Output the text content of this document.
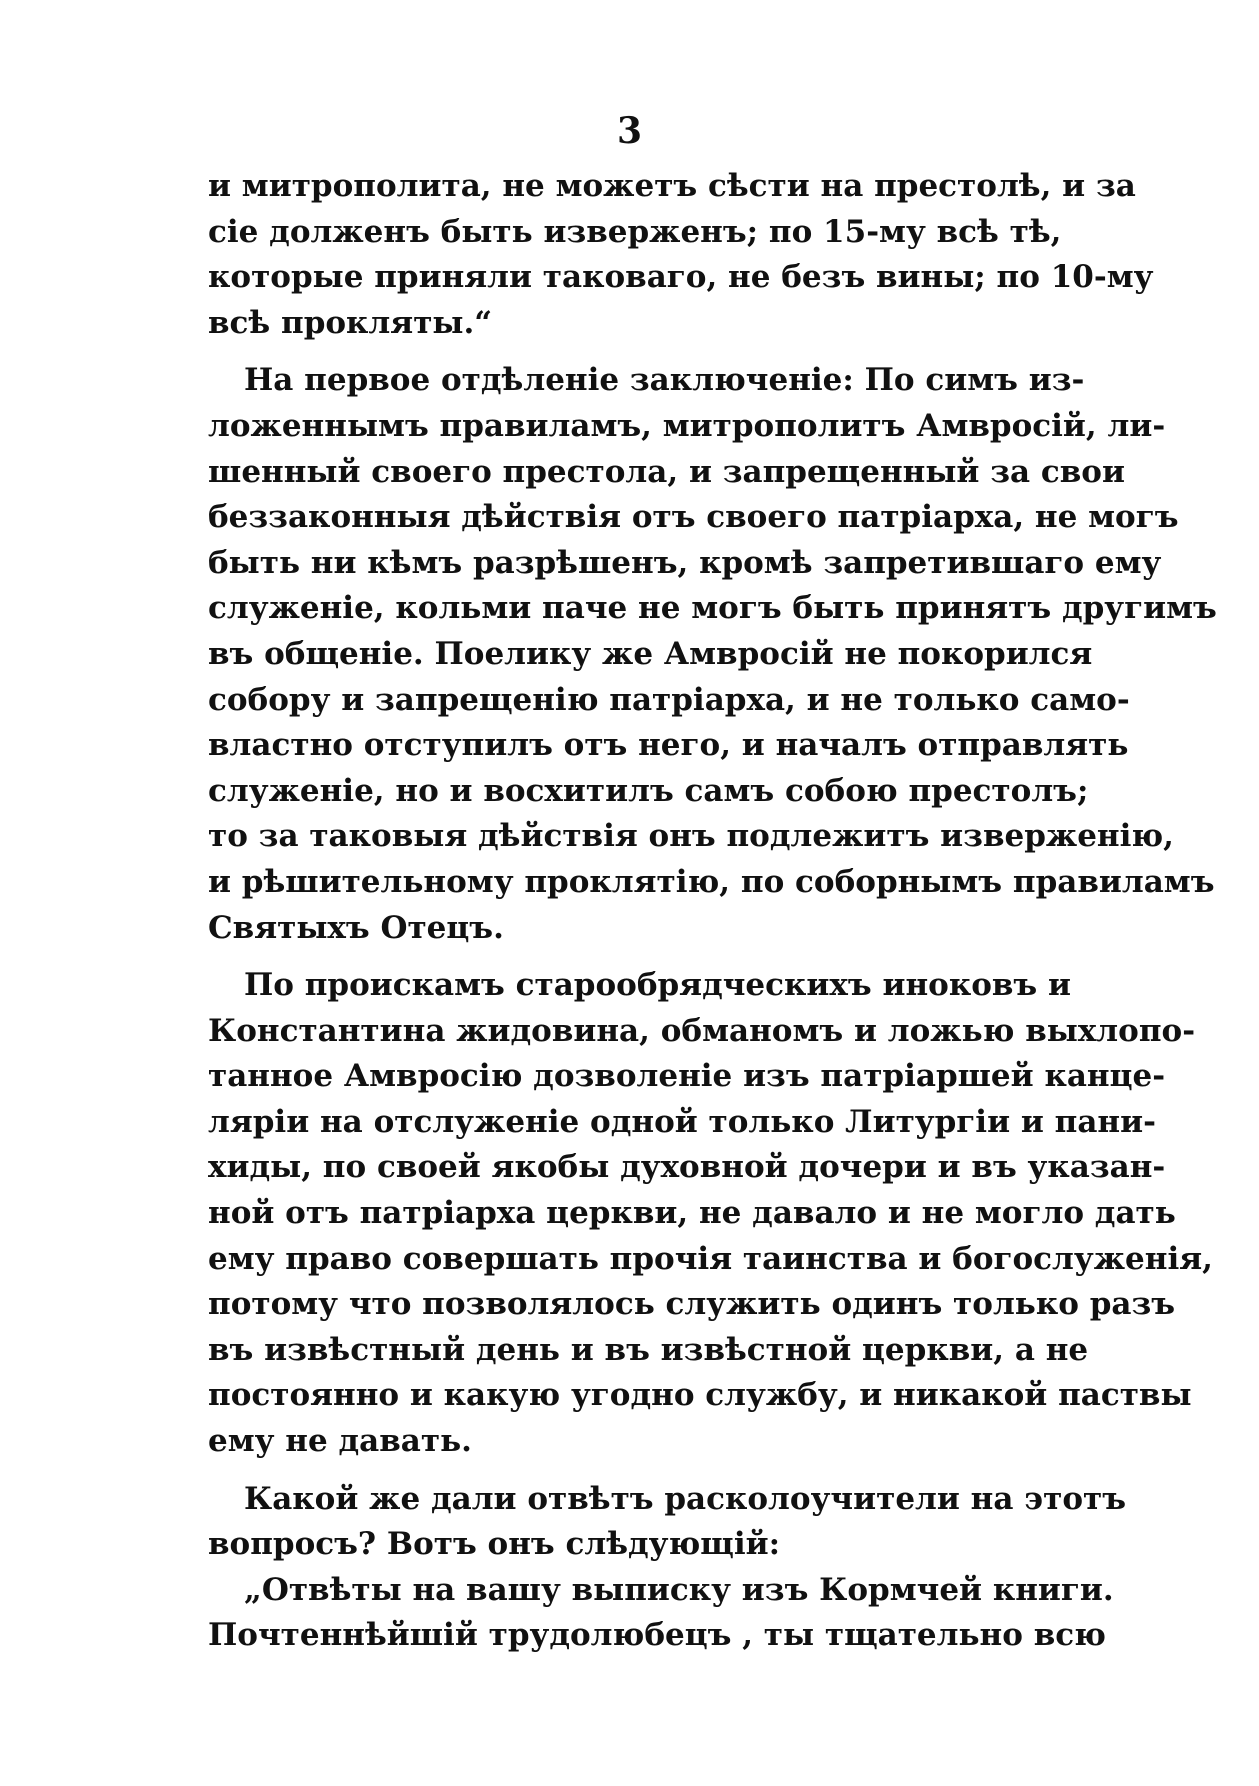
3
и митрополита, не можетъ сѣсти на престолѣ, и за
сіе долженъ быть изверженъ; по 15-му всѣ тѣ,
которые приняли таковаго, не безъ вины; по 10-му
всѣ прокляты.“
На первое отдѣленіе заключеніе: По симъ из-
ложеннымъ правиламъ, митрополитъ Амвросій, ли-
шенный своего престола, и запрещенный за свои
беззаконныя дѣйствія отъ своего патріарха, не могъ
быть ни кѣмъ разрѣшенъ, кромѣ запретившаго ему
служеніе, кольми паче не могъ быть принятъ другимъ
въ общеніе. Поелику же Амвросій не покорился
собору и запрещенію патріарха, и не только само-
властно отступилъ отъ него, и началъ отправлять
служеніе, но и восхитилъ самъ собою престолъ;
то за таковыя дѣйствія онъ подлежитъ изверженію,
и рѣшительному проклятію, по соборнымъ правиламъ
Святыхъ Отецъ.
По проискамъ старообрядческихъ иноковъ и
Константина жидовина, обманомъ и ложью выхлопо-
танное Амвросію дозволеніе изъ патріаршей канце-
ляріи на отслуженіе одной только Литургіи и пани-
хиды, по своей якобы духовной дочери и въ указан-
ной отъ патріарха церкви, не давало и не могло дать
ему право совершать прочія таинства и богослуженія,
потому что позволялось служить одинъ только разъ
въ извѣстный день и въ извѣстной церкви, а не
постоянно и какую угодно службу, и никакой паствы
ему не давать.
Какой же дали отвѣтъ расколоучители на этотъ
вопросъ? Вотъ онъ слѣдующій:
„Отвѣты на вашу выписку изъ Кормчей книги.
Почтеннѣйшій трудолюбецъ , ты тщательно всю
